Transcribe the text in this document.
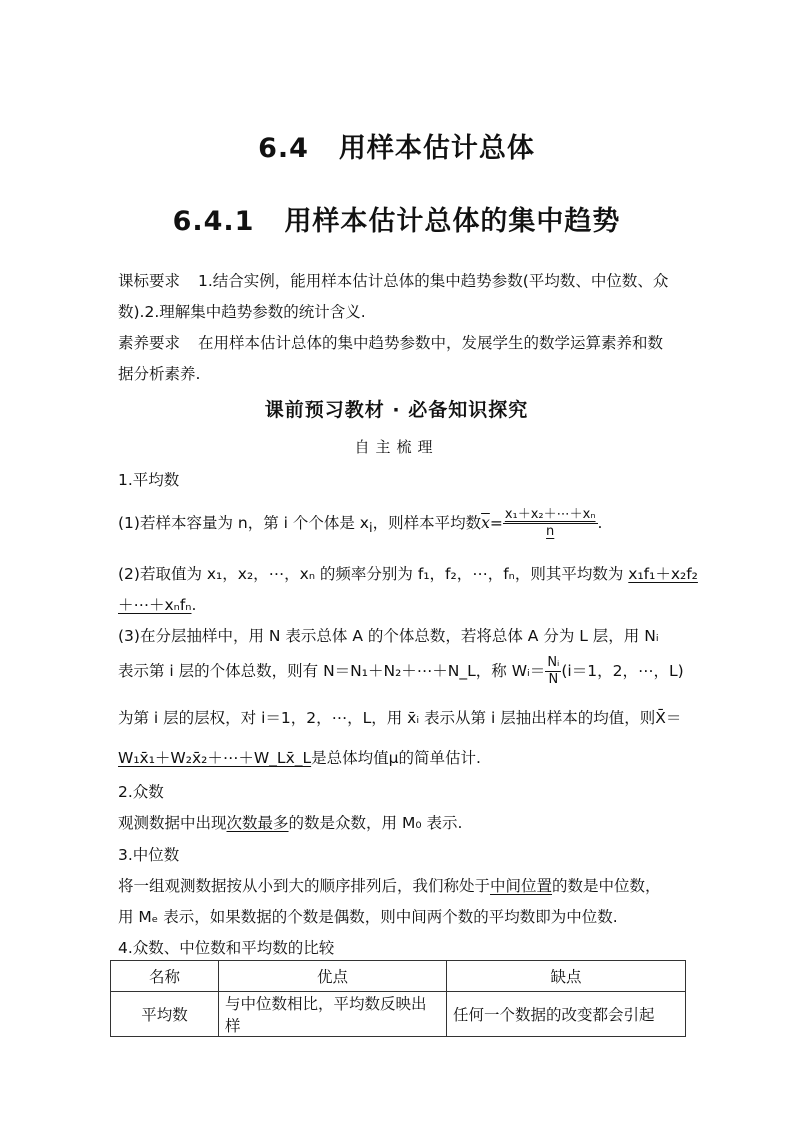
6.4 用样本估计总体
6.4.1 用样本估计总体的集中趋势
课标要求 1.结合实例，能用样本估计总体的集中趋势参数(平均数、中位数、众数).2.理解集中趋势参数的统计含义.
素养要求 在用样本估计总体的集中趋势参数中，发展学生的数学运算素养和数据分析素养.
课前预习教材 · 必备知识探究
自主梳理
1.平均数
(1)若样本容量为 n，第 i 个个体是 $x_i$，则样本平均数$\overline{x}= \frac{\text{x₁＋x₂＋⋯＋xₙ}}{n}$ .
(2)若取值为 x₁，x₂，⋯，xₙ 的频率分别为 f₁，f₂，⋯，fₙ，则其平均数为 x₁f₁＋x₂f₂
＋⋯＋xₙfₙ.
(3)在分层抽样中，用 N 表示总体 A 的个体总数，若将总体 A 分为 L 层，用 Nᵢ
表示第 i 层的个体总数，则有 N＝N₁＋N₂＋⋯＋N_L，称 Wᵢ＝ $\frac{\text{Nᵢ}}{N} (i=1$，2，⋯，L)
为第 i 层的层权，对 i＝1，2，⋯，L，用 x̄ᵢ 表示从第 i 层抽出样本的均值，则X̄＝
W₁x̄₁＋W₂x̄₂＋⋯＋W_Lx̄_L是总体均值μ的简单估计.
2.众数
观测数据中出现次数最多的数是众数，用 M₀ 表示.
3.中位数
将一组观测数据按从小到大的顺序排列后，我们称处于中间位置的数是中位数，
用 Mₑ 表示，如果数据的个数是偶数，则中间两个数的平均数即为中位数.
4.众数、中位数和平均数的比较
名称	优点	缺点
平均数	与中位数相比，平均数反映出样	任何一个数据的改变都会引起
